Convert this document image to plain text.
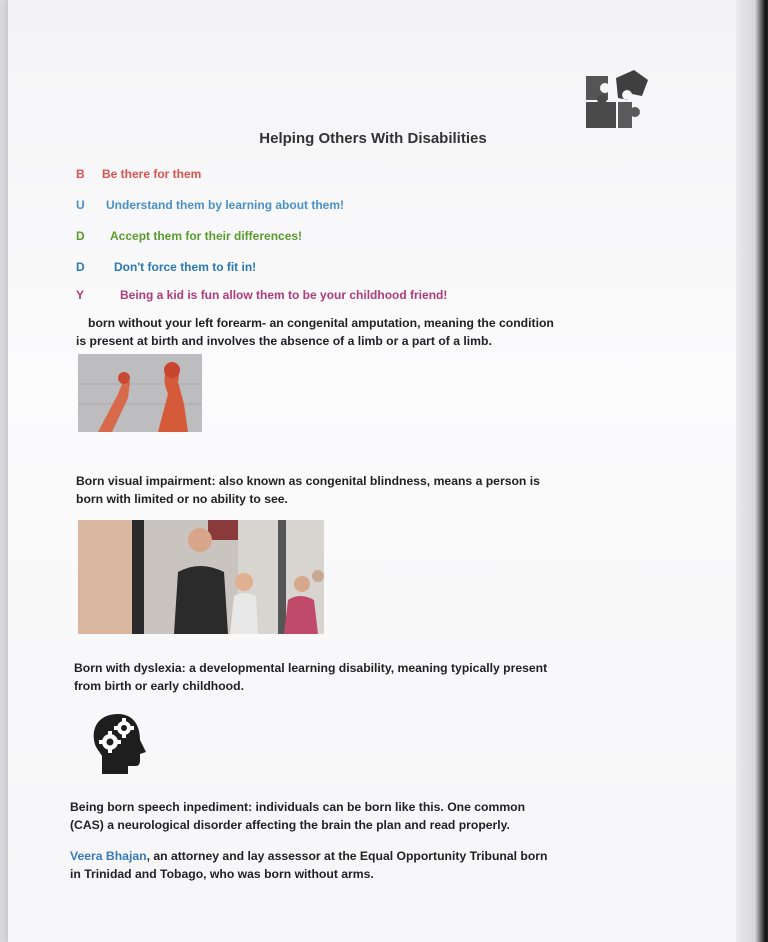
Helping Others With Disabilities
B Be there for them
U Understand them by learning about them!
D Accept them for their differences!
D Don't force them to fit in!
Y	Being a kid is fun allow them to be your childhood friend!

born without your left forearm- an congenital amputation, meaning the condition
is present at birth and involves the absence of a limb or a part of a limb.

Born visual impairment: also known as congenital blindness, means a person is
born with limited or no ability to see.

Born with dyslexia: a developmental learning disability, meaning typically present
from birth or early childhood.

Being born speech inpediment: individuals can be born like this. One common
(CAS) a neurological disorder affecting the brain the plan and read properly.

Veera Bhajan, an attorney and lay assessor at the Equal Opportunity Tribunal born
in Trinidad and Tobago, who was born without arms.
